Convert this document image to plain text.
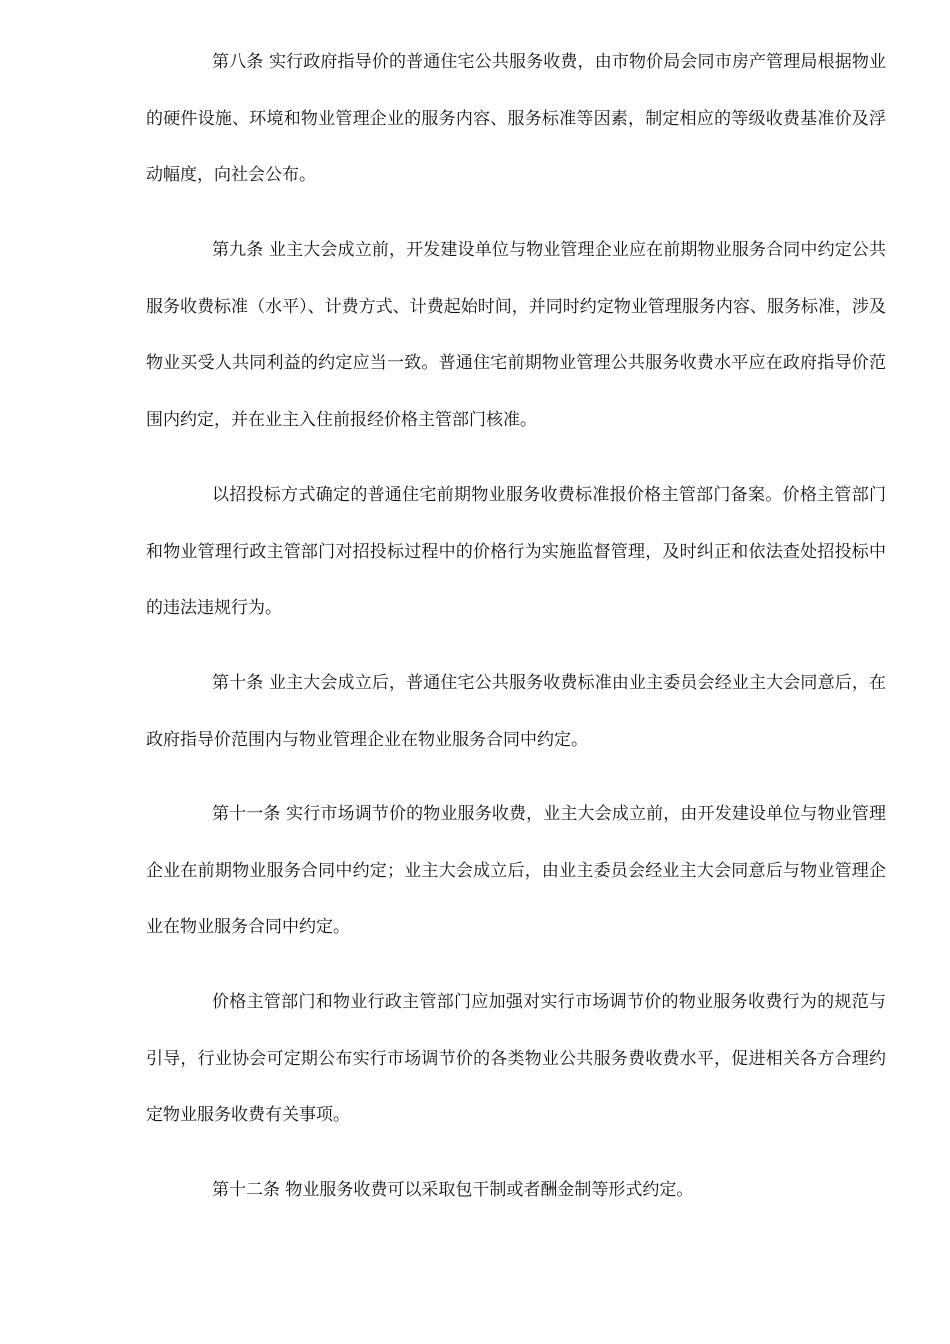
第八条 实行政府指导价的普通住宅公共服务收费，由市物价局会同市房产管理局根据物业的硬件设施、环境和物业管理企业的服务内容、服务标准等因素，制定相应的等级收费基准价及浮动幅度，向社会公布。

第九条 业主大会成立前，开发建设单位与物业管理企业应在前期物业服务合同中约定公共服务收费标准（水平）、计费方式、计费起始时间，并同时约定物业管理服务内容、服务标准，涉及物业买受人共同利益的约定应当一致。普通住宅前期物业管理公共服务收费水平应在政府指导价范围内约定，并在业主入住前报经价格主管部门核准。

以招投标方式确定的普通住宅前期物业服务收费标准报价格主管部门备案。价格主管部门和物业管理行政主管部门对招投标过程中的价格行为实施监督管理，及时纠正和依法查处招投标中的违法违规行为。

第十条 业主大会成立后，普通住宅公共服务收费标准由业主委员会经业主大会同意后，在政府指导价范围内与物业管理企业在物业服务合同中约定。

第十一条 实行市场调节价的物业服务收费，业主大会成立前，由开发建设单位与物业管理企业在前期物业服务合同中约定；业主大会成立后，由业主委员会经业主大会同意后与物业管理企业在物业服务合同中约定。

价格主管部门和物业行政主管部门应加强对实行市场调节价的物业服务收费行为的规范与引导，行业协会可定期公布实行市场调节价的各类物业公共服务费收费水平，促进相关各方合理约定物业服务收费有关事项。

第十二条 物业服务收费可以采取包干制或者酬金制等形式约定。
